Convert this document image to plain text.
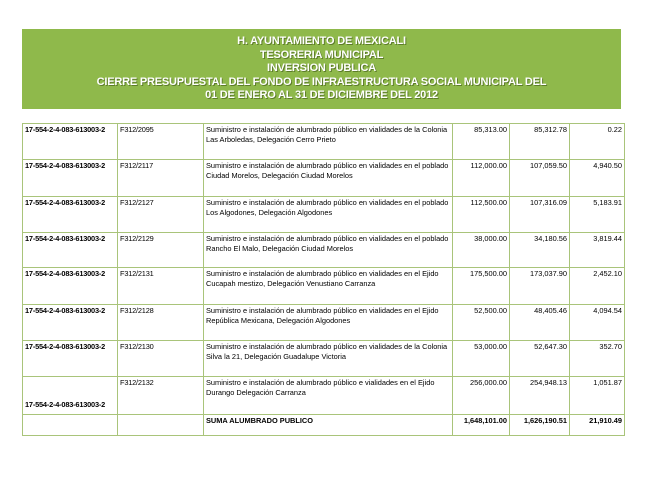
H. AYUNTAMIENTO DE MEXICALI
TESORERIA MUNICIPAL
INVERSION PUBLICA
CIERRE PRESUPUESTAL DEL FONDO DE INFRAESTRUCTURA SOCIAL MUNICIPAL DEL
01 DE ENERO AL 31 DE DICIEMBRE DEL 2012
17-554-2-4-083-613003-2	F312/2095	Suministro e instalación de alumbrado público en vialidades de la Colonia Las Arboledas, Delegación Cerro Prieto	85,313.00	85,312.78	0.22
17-554-2-4-083-613003-2	F312/2117	Suministro e instalación de alumbrado público en vialidades en el poblado Ciudad Morelos, Delegación Ciudad Morelos	112,000.00	107,059.50	4,940.50
17-554-2-4-083-613003-2	F312/2127	Suministro e instalación de alumbrado público en vialidades en el poblado Los Algodones, Delegación Algodones	112,500.00	107,316.09	5,183.91
17-554-2-4-083-613003-2	F312/2129	Suministro e instalación de alumbrado público en vialidades en el poblado Rancho El Malo, Delegación Ciudad Morelos	38,000.00	34,180.56	3,819.44
17-554-2-4-083-613003-2	F312/2131	Suministro e instalación de alumbrado público en vialidades en el Ejido Cucapah mestizo, Delegación Venustiano Carranza	175,500.00	173,037.90	2,452.10
17-554-2-4-083-613003-2	F312/2128	Suministro e instalación de alumbrado público en vialidades en el Ejido República Mexicana, Delegación Algodones	52,500.00	48,405.46	4,094.54
17-554-2-4-083-613003-2	F312/2130	Suministro e instalación de alumbrado público en vialidades de la Colonia Silva la 21, Delegación Guadalupe Victoria	53,000.00	52,647.30	352.70
17-554-2-4-083-613003-2	F312/2132	Suministro e instalación de alumbrado público e vialidades en el Ejido Durango Delegación Carranza	256,000.00	254,948.13	1,051.87
		SUMA ALUMBRADO PUBLICO	1,648,101.00	1,626,190.51	21,910.49
